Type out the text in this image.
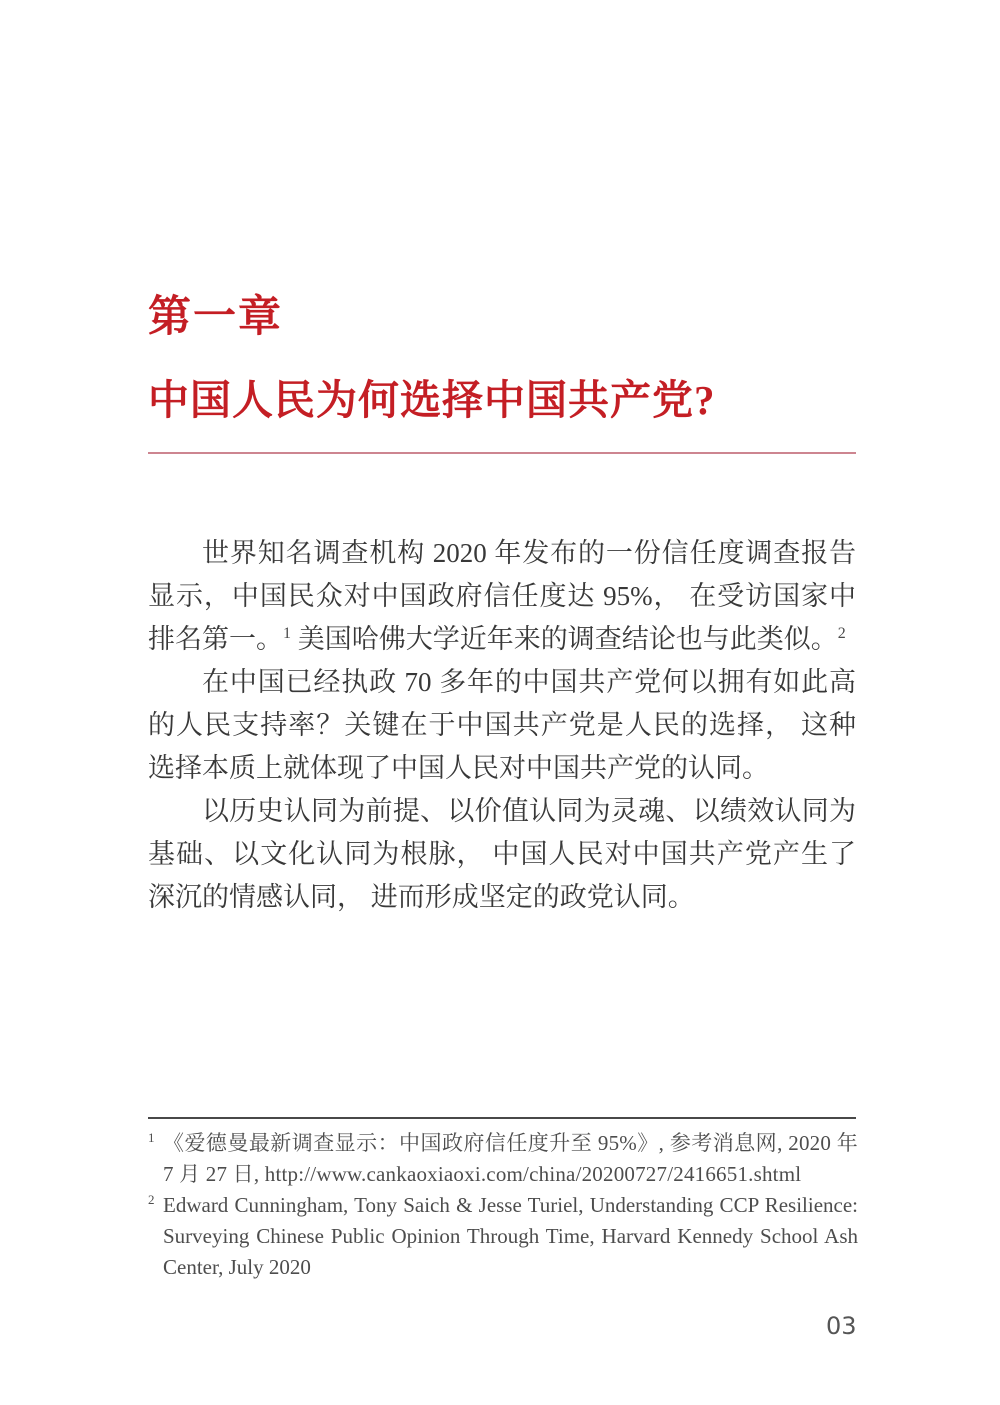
第一章
中国人民为何选择中国共产党?

世界知名调查机构 2020 年发布的一份信任度调查报告显示，中国民众对中国政府信任度达 95%， 在受访国家中排名第一。$^1$ 美国哈佛大学近年来的调查结论也与此类似。$^2$

在中国已经执政 70 多年的中国共产党何以拥有如此高的人民支持率？关键在于中国共产党是人民的选择， 这种选择本质上就体现了中国人民对中国共产党的认同。

以历史认同为前提、以价值认同为灵魂、以绩效认同为基础、以文化认同为根脉， 中国人民对中国共产党产生了深沉的情感认同， 进而形成坚定的政党认同。

1 《爱德曼最新调查显示：中国政府信任度升至 95%》, 参考消息网, 2020 年 7 月 27 日, http://www.cankaoxiaoxi.com/china/20200727/2416651.shtml
2 Edward Cunningham, Tony Saich & Jesse Turiel, Understanding CCP Resilience: Surveying Chinese Public Opinion Through Time, Harvard Kennedy School Ash Center, July 2020
03
